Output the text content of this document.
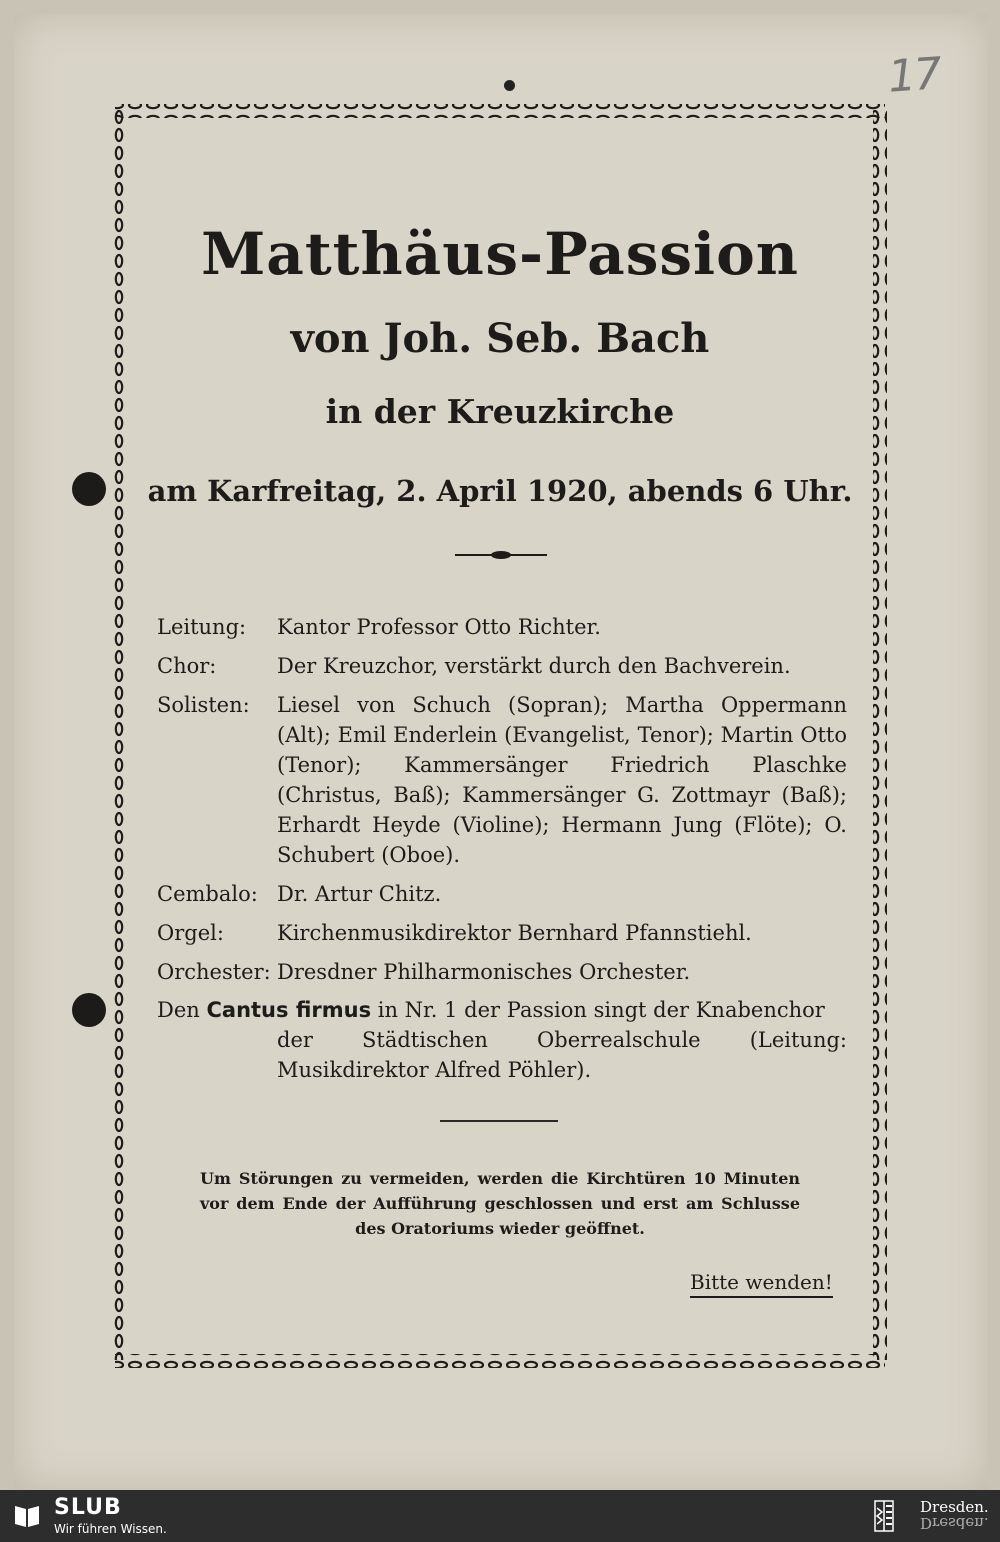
17
Matthäus-Passion
von Joh. Seb. Bach
in der Kreuzkirche
am Karfreitag, 2. April 1920, abends 6 Uhr.
Leitung:	Kantor Professor Otto Richter.
Chor:	Der Kreuzchor, verstärkt durch den Bachverein.
Solisten:	Liesel von Schuch (Sopran); Martha Oppermann (Alt); Emil Enderlein (Evangelist, Tenor); Martin Otto (Tenor); Kammersänger Friedrich Plaschke (Christus, Baß); Kammersänger G. Zottmayr (Baß); Erhardt Heyde (Violine); Hermann Jung (Flöte); O. Schubert (Oboe).
Cembalo: Dr. Artur Chitz.
Orgel:	Kirchenmusikdirektor Bernhard Pfannstiehl.
Orchester: Dresdner Philharmonisches Orchester.
Den Cantus firmus in Nr. 1 der Passion singt der Knabenchor
der Städtischen Oberrealschule (Leitung: Musikdirektor Alfred Pöhler).
Um Störungen zu vermeiden, werden die Kirchtüren 10 Minuten vor dem Ende der Aufführung geschlossen und erst am Schlusse des Oratoriums wieder geöffnet.
Bitte wenden!
SLUB
Wir führen Wissen.
Dresden.
Dresden.
